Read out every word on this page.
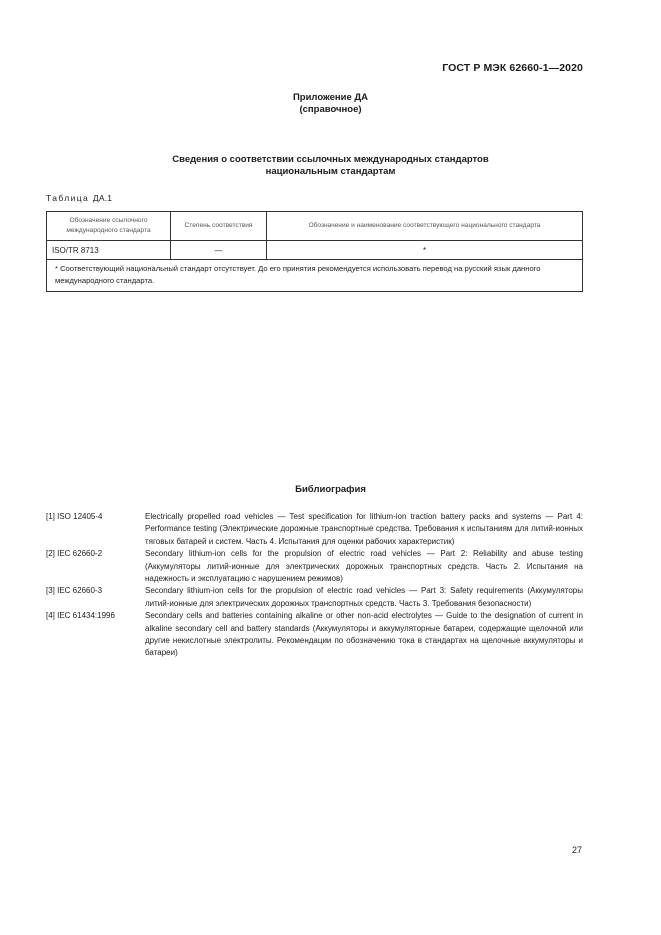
ГОСТ Р МЭК 62660-1—2020
Приложение ДА
(справочное)
Сведения о соответствии ссылочных международных стандартов
национальным стандартам
Таблица ДА.1
Обозначение ссылочного международного стандарта	Степень соответствия	Обозначение и наименование соответствующего национального стандарта
ISO/TR 8713	—	*
* Соответствующий национальный стандарт отсутствует. До его принятия рекомендуется использовать перевод на русский язык данного международного стандарта.		
Библиография
[1] ISO 12405-4	Electrically propelled road vehicles — Test specification for lithium-ion traction battery packs and systems — Part 4: Performance testing (Электрические дорожные транспортные средства. Требования к испытаниям для литий-ионных тяговых батарей и систем. Часть 4. Испытания для оценки рабочих характеристик)
[2] IEC 62660-2	Secondary lithium-ion cells for the propulsion of electric road vehicles — Part 2: Reliability and abuse testing (Аккумуляторы литий-ионные для электрических дорожных транспортных средств. Часть 2. Испытания на надежность и эксплуатацию с нарушением режимов)
[3] IEC 62660-3	Secondary lithium-ion cells for the propulsion of electric road vehicles — Part 3: Safety requirements (Аккумуляторы литий-ионные для электрических дорожных транспортных средств. Часть 3. Требования безопасности)
[4] IEC 61434:1996	Secondary cells and batteries containing alkaline or other non-acid electrolytes — Guide to the designation of current in alkaline secondary cell and battery standards (Аккумуляторы и аккумуляторные батареи, содержащие щелочной или другие некислотные электролиты. Рекомендации по обозначению тока в стандартах на щелочные аккумуляторы и батареи)
27
